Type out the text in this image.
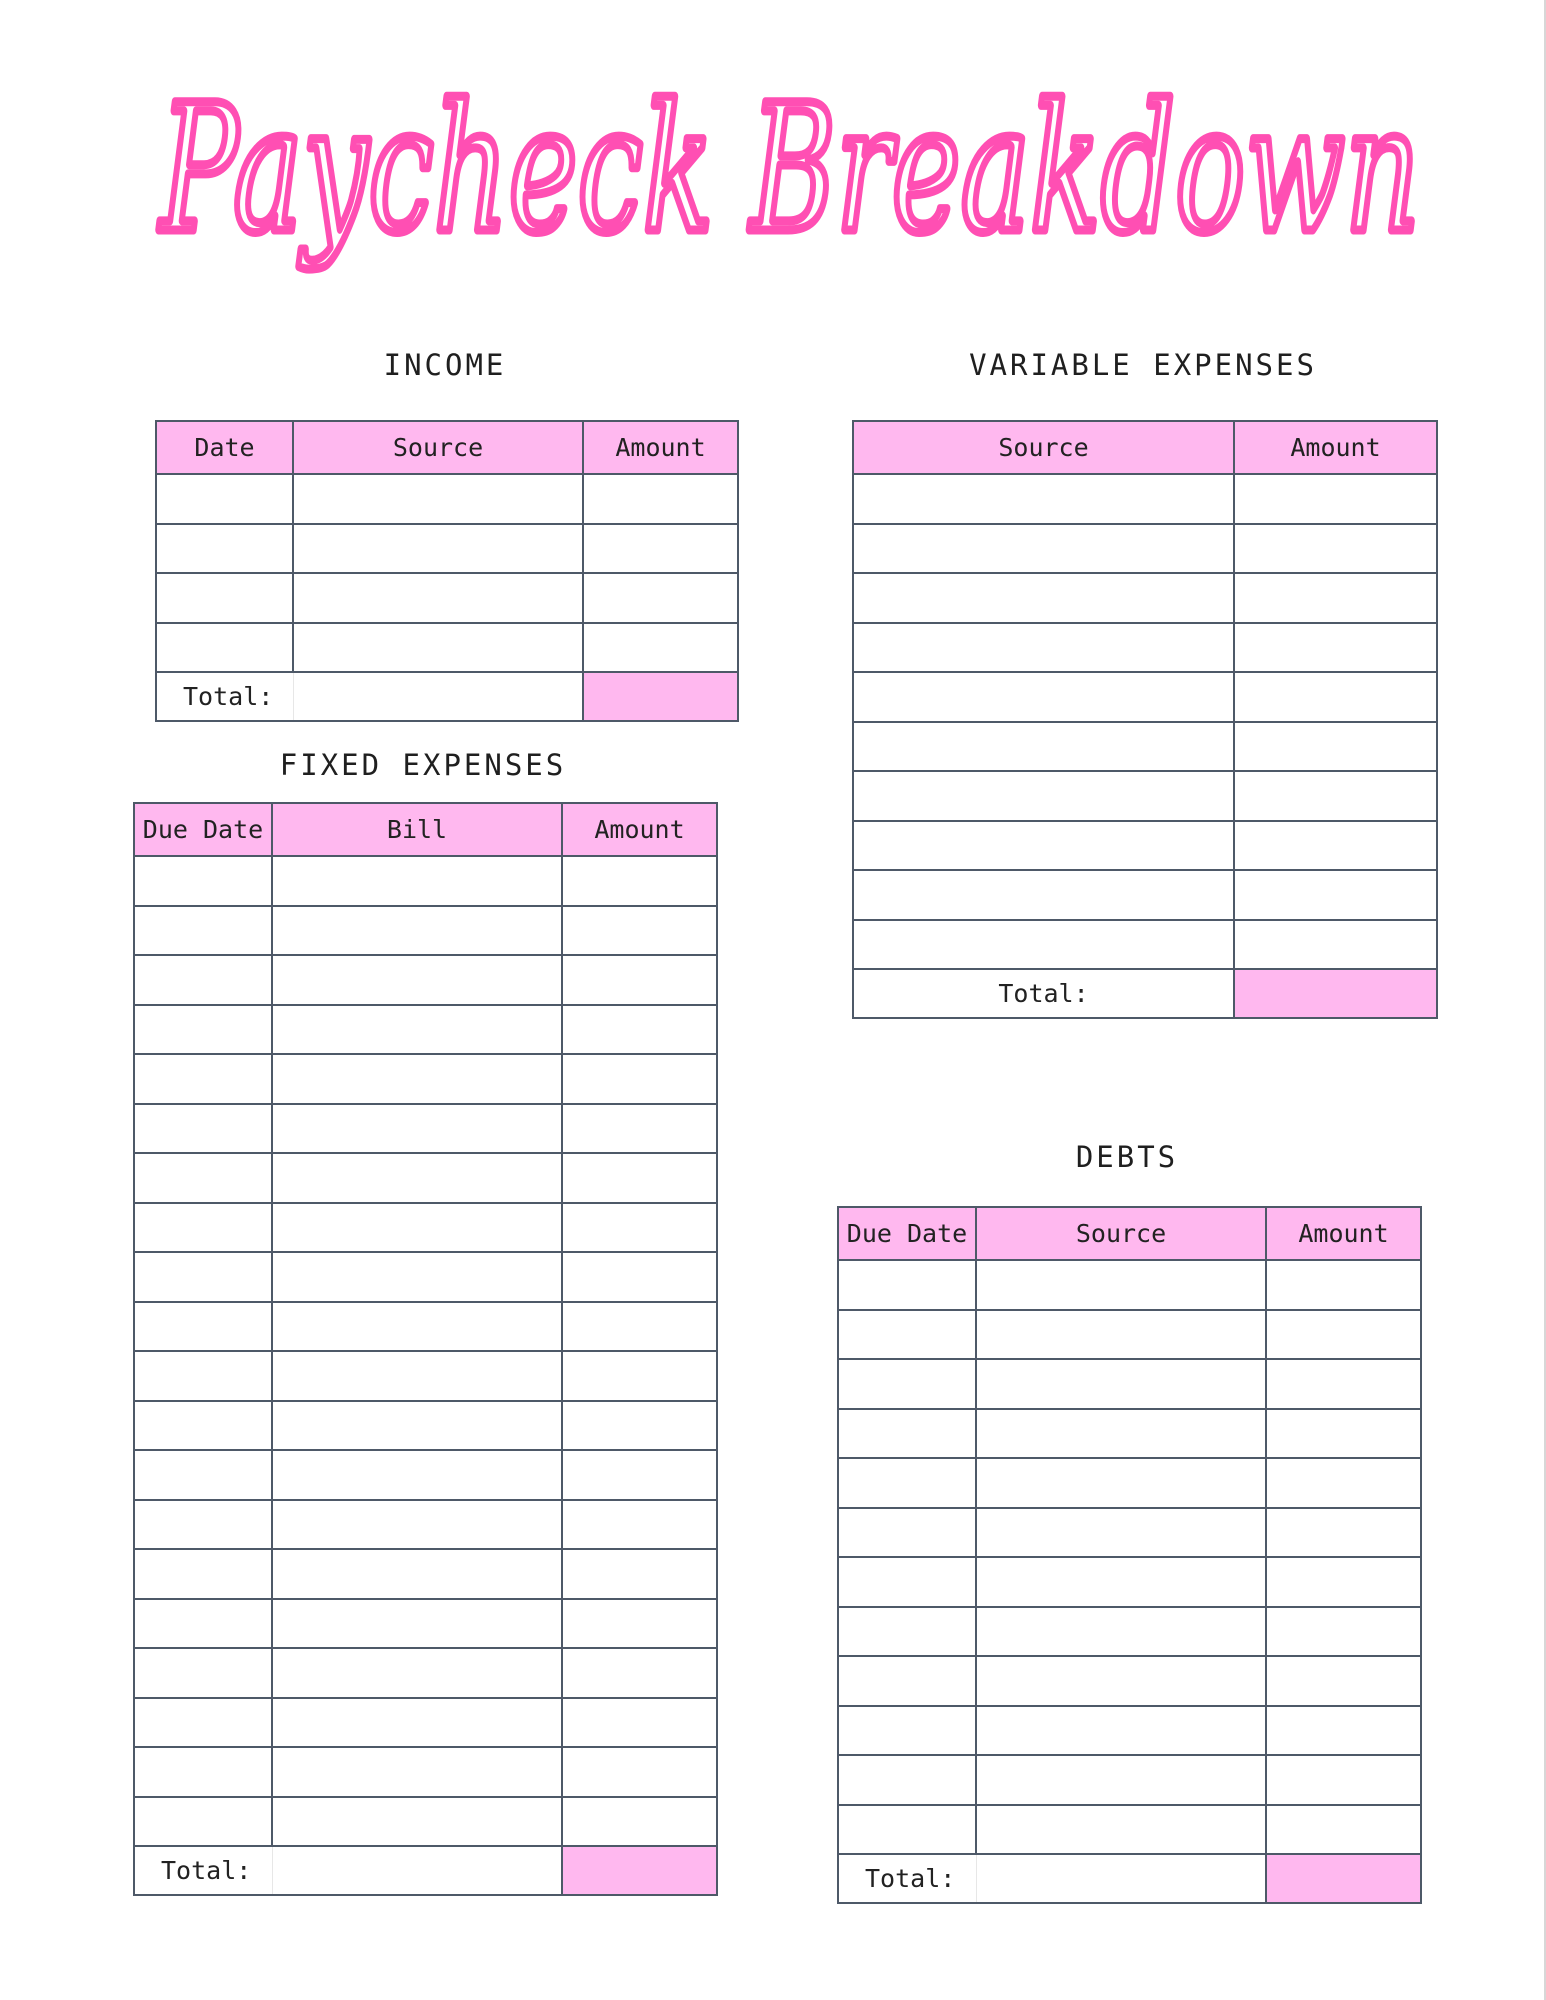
Paycheck Breakdown
INCOME
Date	Source	Amount

Total:		
VARIABLE EXPENSES
Source	Amount

Total:	
FIXED EXPENSES
Due Date	Bill	Amount

Total:		
DEBTS
Due Date	Source	Amount

Total:		
